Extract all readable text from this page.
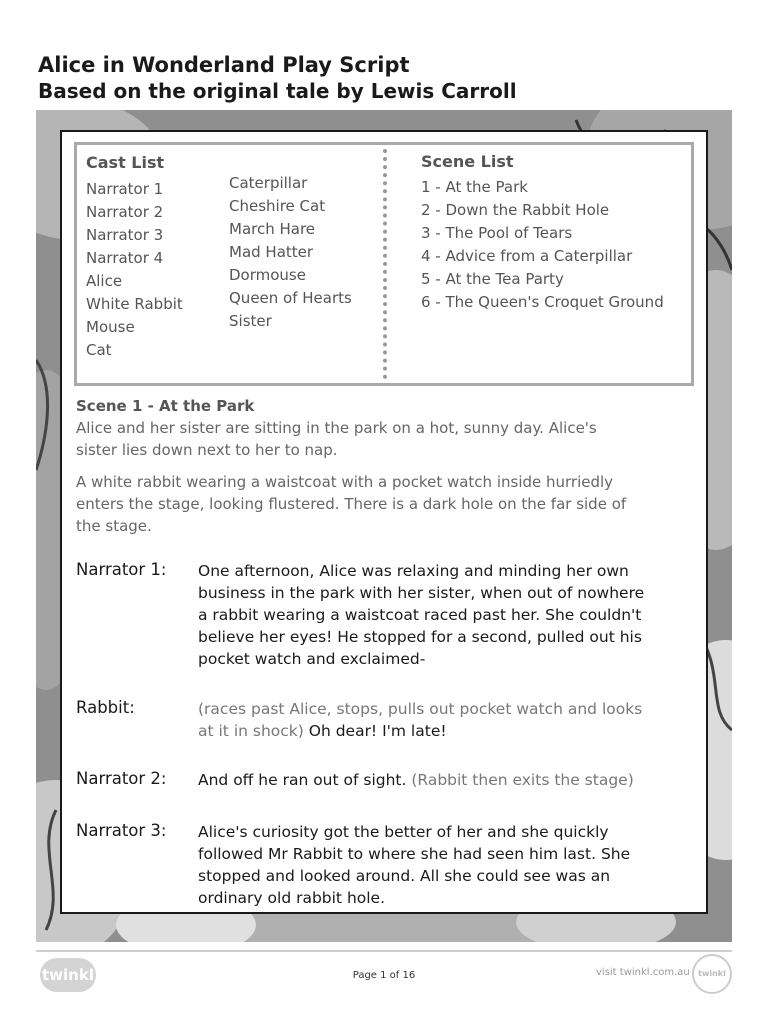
Alice in Wonderland Play Script
Based on the original tale by Lewis Carroll
Cast List
Narrator 1
Narrator 2
Narrator 3
Narrator 4
Alice
White Rabbit
Mouse
Cat
Caterpillar
Cheshire Cat
March Hare
Mad Hatter
Dormouse
Queen of Hearts
Sister
Scene List
1 - At the Park
2 - Down the Rabbit Hole
3 - The Pool of Tears
4 - Advice from a Caterpillar
5 - At the Tea Party
6 - The Queen's Croquet Ground
Scene 1 - At the Park
Alice and her sister are sitting in the park on a hot, sunny day. Alice's
sister lies down next to her to nap.
A white rabbit wearing a waistcoat with a pocket watch inside hurriedly
enters the stage, looking flustered. There is a dark hole on the far side of
the stage.
Narrator 1: One afternoon, Alice was relaxing and minding her own
business in the park with her sister, when out of nowhere
a rabbit wearing a waistcoat raced past her. She couldn't
believe her eyes! He stopped for a second, pulled out his
pocket watch and exclaimed-
Rabbit:	(races past Alice, stops, pulls out pocket watch and looks
at it in shock) Oh dear! I'm late!
Narrator 2: And off he ran out of sight. (Rabbit then exits the stage)
Narrator 3: Alice's curiosity got the better of her and she quickly
followed Mr Rabbit to where she had seen him last. She
stopped and looked around. All she could see was an
ordinary old rabbit hole.
twinkl	Page 1 of 16	visit twinkl.com.au	twinkl
